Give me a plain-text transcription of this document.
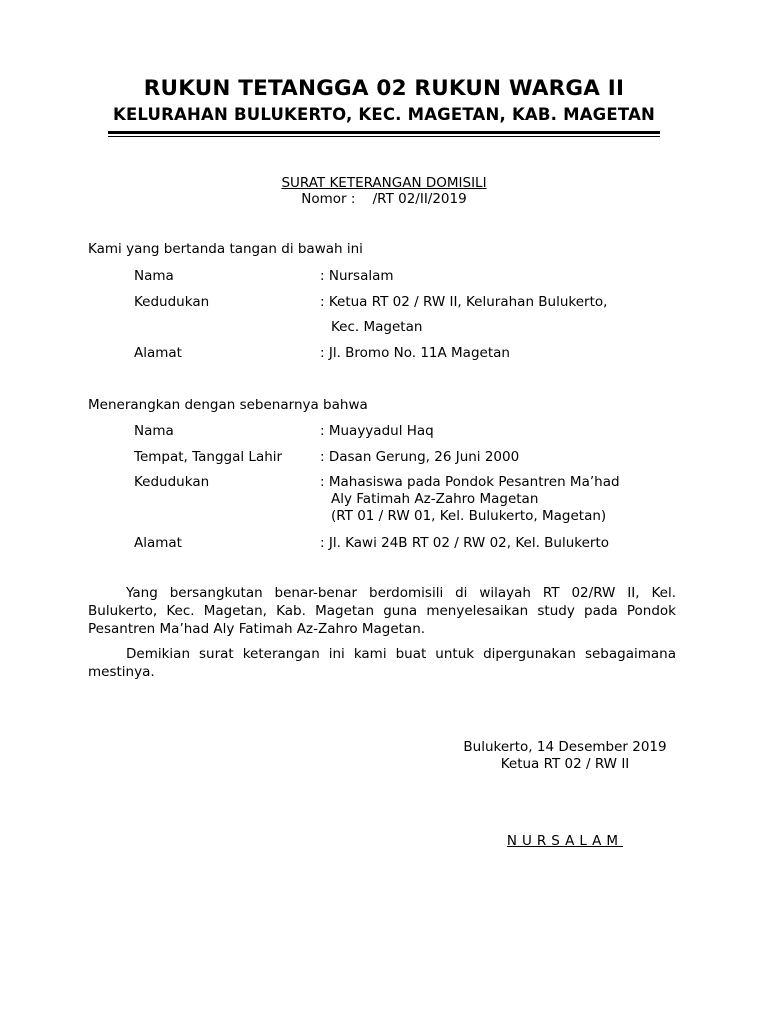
RUKUN TETANGGA 02 RUKUN WARGA II
KELURAHAN BULUKERTO, KEC. MAGETAN, KAB. MAGETAN
SURAT KETERANGAN DOMISILI
Nomor : /RT 02/II/2019
Kami yang bertanda tangan di bawah ini
Nama	: Nursalam
Kedudukan	: Ketua RT 02 / RW II, Kelurahan Bulukerto,
Kec. Magetan
Alamat	: Jl. Bromo No. 11A Magetan
Menerangkan dengan sebenarnya bahwa
Nama	: Muayyadul Haq
Tempat, Tanggal Lahir	: Dasan Gerung, 26 Juni 2000
Kedudukan	: Mahasiswa pada Pondok Pesantren Ma’had
Aly Fatimah Az-Zahro Magetan
(RT 01 / RW 01, Kel. Bulukerto, Magetan)
Alamat	: Jl. Kawi 24B RT 02 / RW 02, Kel. Bulukerto
Yang bersangkutan benar-benar berdomisili di wilayah RT 02/RW II, Kel. Bulukerto, Kec. Magetan, Kab. Magetan guna menyelesaikan study pada Pondok Pesantren Ma’had Aly Fatimah Az-Zahro Magetan.
Demikian surat keterangan ini kami buat untuk dipergunakan sebagaimana mestinya.
Bulukerto, 14 Desember 2019
Ketua RT 02 / RW II
NURSALAM
